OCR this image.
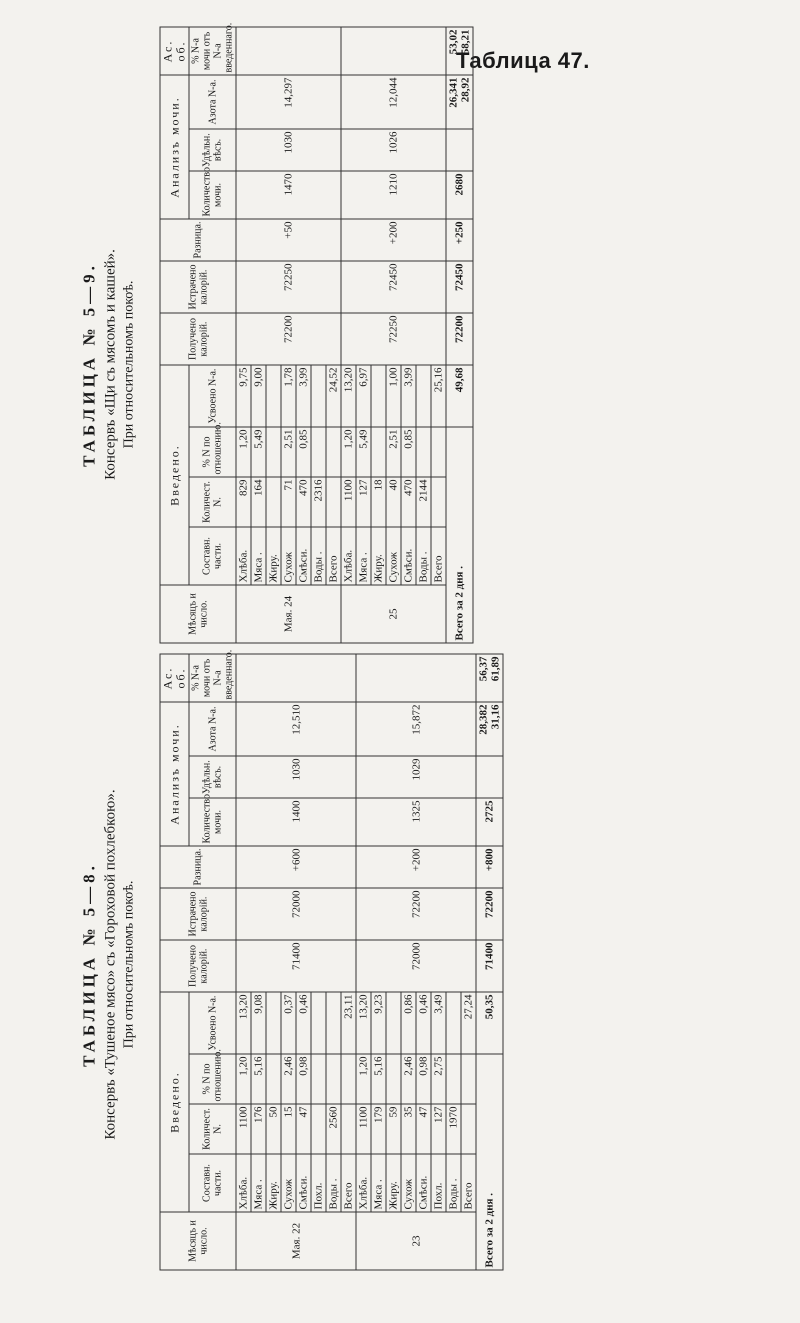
Таблица 47.
ТАБЛИЦА № 5—9. Консервъ «Щи съ мясомъ и кашей». При относительномъ покоѣ.
Мѣсяцъ и число.	Введено.				Получено калорій.	Истрачено калорій.	Разница.	Анализъ мочи.			Ас. об.
	Составн. части.	Количест. N.	% N по отношению.	Усвоено N-а.				Количество мочи.	Удѣльн. вѣсъ.	Азота N-а.	% N-а мочи отъ N-а введеннаго.
Мая. 24	Хлѣба.	829	1,20	9,75	72200	72250	+50	1470	1030	14,297	
	Мяса .	164	5,49	9,00							
	Жиру.										
	Сухож	71	2,51	1,78							
	Смѣси.	470	0,85	3,99							
	Воды .	2316									
	Всего			24,52							
25	Хлѣба.	1100	1,20	13,20	72250	72450	+200	1210	1026	12,044	
	Мяса .	127	5,49	6,97							
	Жиру.	18									
	Сухож	40	2,51	1,00							
	Смѣси.	470	0,85	3,99							
	Воды .	2144									
	Всего			25,16							
Всего за 2 дня .				49,68	72200	72450	+250	2680		26,341 28,92	53,02 58,21
ТАБЛИЦА № 5—8. Консервъ «Тушеное мясо» съ «Гороховой похлебкою». При относительномъ покоѣ.
Мѣсяцъ и число.	Введено.				Получено калорій.	Истрачено калорій.	Разница.	Анализъ мочи.			Ас. об.
	Составн. части.	Количест. N.	% N по отношению.	Усвоено N-а.				Количество мочи.	Удѣльн. вѣсъ.	Азота N-а.	% N-а мочи отъ N-а введеннаго.
Мая. 22	Хлѣба.	1100	1,20	13,20	71400	72000	+600	1400	1030	12,510	
	Мяса .	176	5,16	9,08							
	Жиру.	50									
	Сухож	15	2,46	0,37							
	Смѣси.	47	0,98	0,46							
	Похл.										
	Воды .	2560									
	Всего			23,11							
23	Хлѣба.	1100	1,20	13,20	72000	72200	+200	1325	1029	15,872	
	Мяса .	179	5,16	9,23							
	Жиру.	59									
	Сухож	35	2,46	0,86							
	Смѣси.	47	0,98	0,46							
	Похл.	127	2,75	3,49							
	Воды .	1970									
	Всего			27,24							
Всего за 2 дня .				50,35	71400	72200	+800	2725		28,382 31,16	56,37 61,89
